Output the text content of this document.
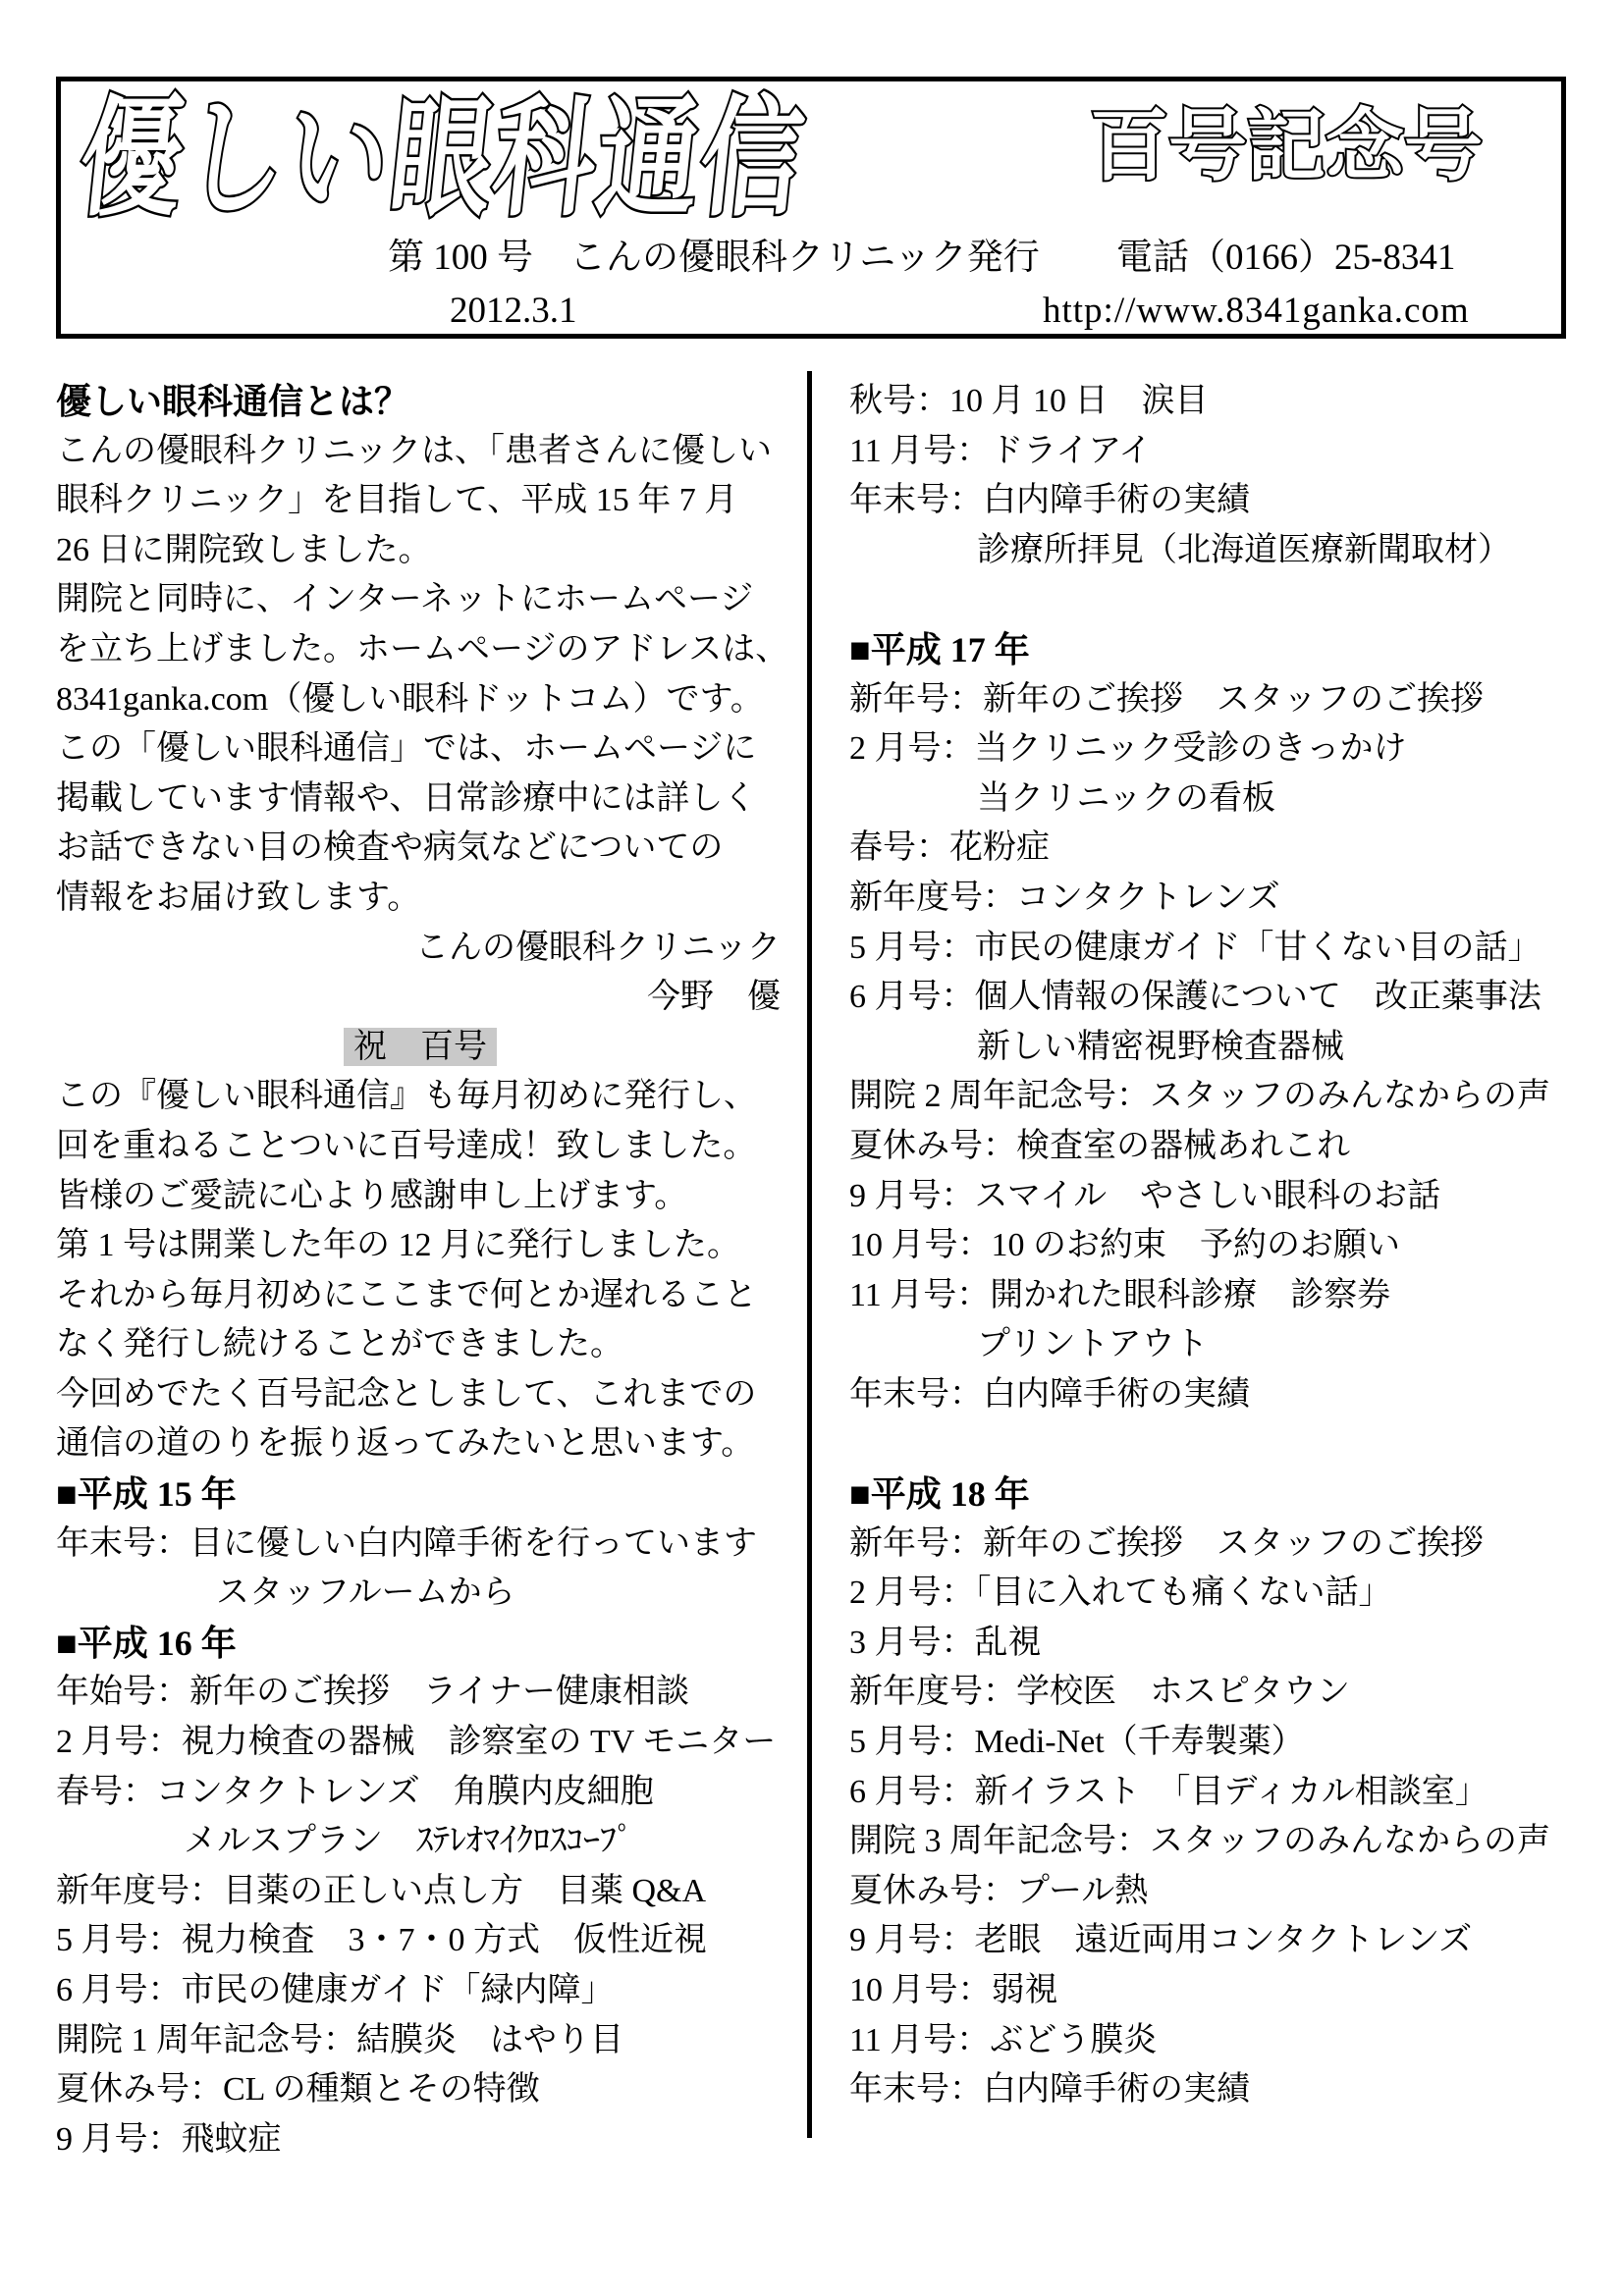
優しい眼科通信	百号記念号
第 100 号　こんの優眼科クリニック発行 電話（0166）25-8341
2012.3.1	http://www.8341ganka.com
優しい眼科通信とは？
こんの優眼科クリニックは、「患者さんに優しい
眼科クリニック」を目指して、平成 15 年 7 月
26 日に開院致しました。
開院と同時に、インターネットにホームページ
を立ち上げました。ホームページのアドレスは、
8341ganka.com（優しい眼科ドットコム）です。
この「優しい眼科通信」では、ホームページに
掲載しています情報や、日常診療中には詳しく
お話できない目の検査や病気などについての
情報をお届け致します。
こんの優眼科クリニック
今野　優
祝　百号
この『優しい眼科通信』も毎月初めに発行し、
回を重ねることついに百号達成！致しました。
皆様のご愛読に心より感謝申し上げます。
第 1 号は開業した年の 12 月に発行しました。
それから毎月初めにここまで何とか遅れること
なく発行し続けることができました。
今回めでたく百号記念としまして、これまでの
通信の道のりを振り返ってみたいと思います。
■平成 15 年
年末号：目に優しい白内障手術を行っています
スタッフルームから
■平成 16 年
年始号：新年のご挨拶　ライナー健康相談
2 月号：視力検査の器械　診察室の TV モニター
春号：コンタクトレンズ　角膜内皮細胞
メルスプラン　ｽﾃﾚｵﾏｲｸﾛｽｺｰﾌﾟ
新年度号：目薬の正しい点し方　目薬 Q&A
5 月号：視力検査　3・7・0 方式　仮性近視
6 月号：市民の健康ガイド「緑内障」
開院 1 周年記念号：結膜炎　はやり目
夏休み号：CL の種類とその特徴
9 月号：飛蚊症
秋号：10 月 10 日　涙目
11 月号：ドライアイ
年末号：白内障手術の実績
診療所拝見（北海道医療新聞取材）

■平成 17 年
新年号：新年のご挨拶　スタッフのご挨拶
2 月号：当クリニック受診のきっかけ
当クリニックの看板
春号：花粉症
新年度号：コンタクトレンズ
5 月号：市民の健康ガイド「甘くない目の話」
6 月号：個人情報の保護について　改正薬事法
新しい精密視野検査器械
開院 2 周年記念号：スタッフのみんなからの声
夏休み号：検査室の器械あれこれ
9 月号：スマイル　やさしい眼科のお話
10 月号：10 のお約束　予約のお願い
11 月号：開かれた眼科診療　診察券
プリントアウト
年末号：白内障手術の実績

■平成 18 年
新年号：新年のご挨拶　スタッフのご挨拶
2 月号：「目に入れても痛くない話」
3 月号：乱視
新年度号：学校医　ホスピタウン
5 月号：Medi-Net（千寿製薬）
6 月号：新イラスト　「目ディカル相談室」
開院 3 周年記念号：スタッフのみんなからの声
夏休み号：プール熱
9 月号：老眼　遠近両用コンタクトレンズ
10 月号：弱視
11 月号：ぶどう膜炎
年末号：白内障手術の実績
